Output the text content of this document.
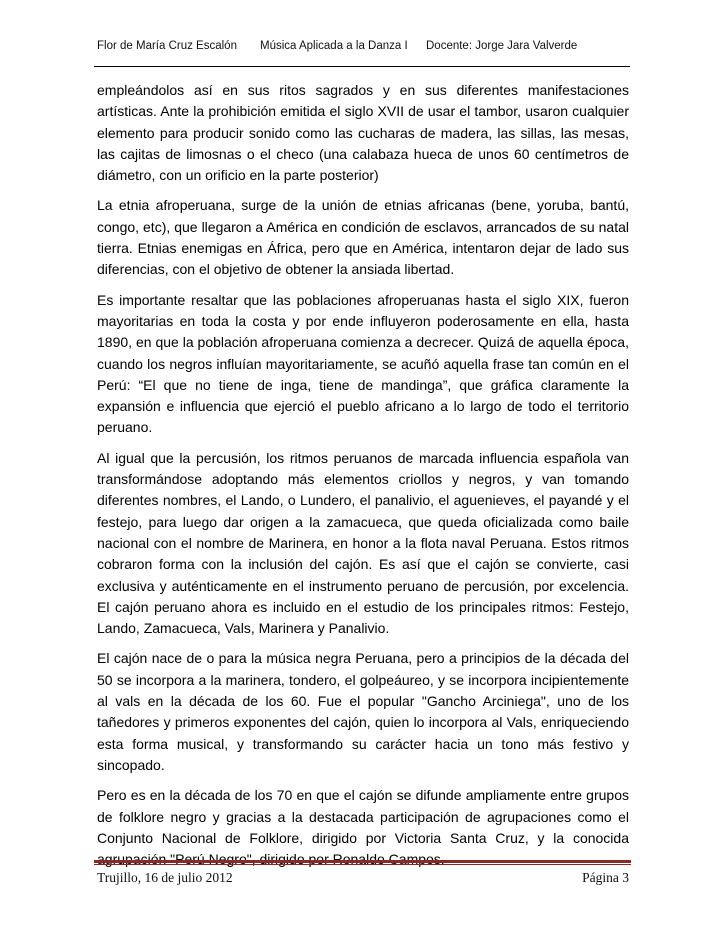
Flor de María Cruz Escalón Música Aplicada a la Danza I Docente: Jorge Jara Valverde

empleándolos así en sus ritos sagrados y en sus diferentes manifestaciones artísticas. Ante la prohibición emitida el siglo XVII de usar el tambor, usaron cualquier elemento para producir sonido como las cucharas de madera, las sillas, las mesas, las cajitas de limosnas o el checo (una calabaza hueca de unos 60 centímetros de diámetro, con un orificio en la parte posterior)

La etnia afroperuana, surge de la unión de etnias africanas (bene, yoruba, bantú, congo, etc), que llegaron a América en condición de esclavos, arrancados de su natal tierra. Etnias enemigas en África, pero que en América, intentaron dejar de lado sus diferencias, con el objetivo de obtener la ansiada libertad.

Es importante resaltar que las poblaciones afroperuanas hasta el siglo XIX, fueron mayoritarias en toda la costa y por ende influyeron poderosamente en ella, hasta 1890, en que la población afroperuana comienza a decrecer. Quizá de aquella época, cuando los negros influían mayoritariamente, se acuñó aquella frase tan común en el Perú: “El que no tiene de inga, tiene de mandinga”, que gráfica claramente la expansión e influencia que ejerció el pueblo africano a lo largo de todo el territorio peruano.

Al igual que la percusión, los ritmos peruanos de marcada influencia española van transformándose adoptando más elementos criollos y negros, y van tomando diferentes nombres, el Lando, o Lundero, el panalivio, el aguenieves, el payandé y el festejo, para luego dar origen a la zamacueca, que queda oficializada como baile nacional con el nombre de Marinera, en honor a la flota naval Peruana. Estos ritmos cobraron forma con la inclusión del cajón. Es así que el cajón se convierte, casi exclusiva y auténticamente en el instrumento peruano de percusión, por excelencia. El cajón peruano ahora es incluido en el estudio de los principales ritmos: Festejo, Lando, Zamacueca, Vals, Marinera y Panalivio.

El cajón nace de o para la música negra Peruana, pero a principios de la década del 50 se incorpora a la marinera, tondero, el golpeáureo, y se incorpora incipientemente al vals en la década de los 60. Fue el popular "Gancho Arciniega", uno de los tañedores y primeros exponentes del cajón, quien lo incorpora al Vals, enriqueciendo esta forma musical, y transformando su carácter hacia un tono más festivo y sincopado.

Pero es en la década de los 70 en que el cajón se difunde ampliamente entre grupos de folklore negro y gracias a la destacada participación de agrupaciones como el Conjunto Nacional de Folklore, dirigido por Victoria Santa Cruz, y la conocida

Trujillo, 16 de julio 2012	Página 3
